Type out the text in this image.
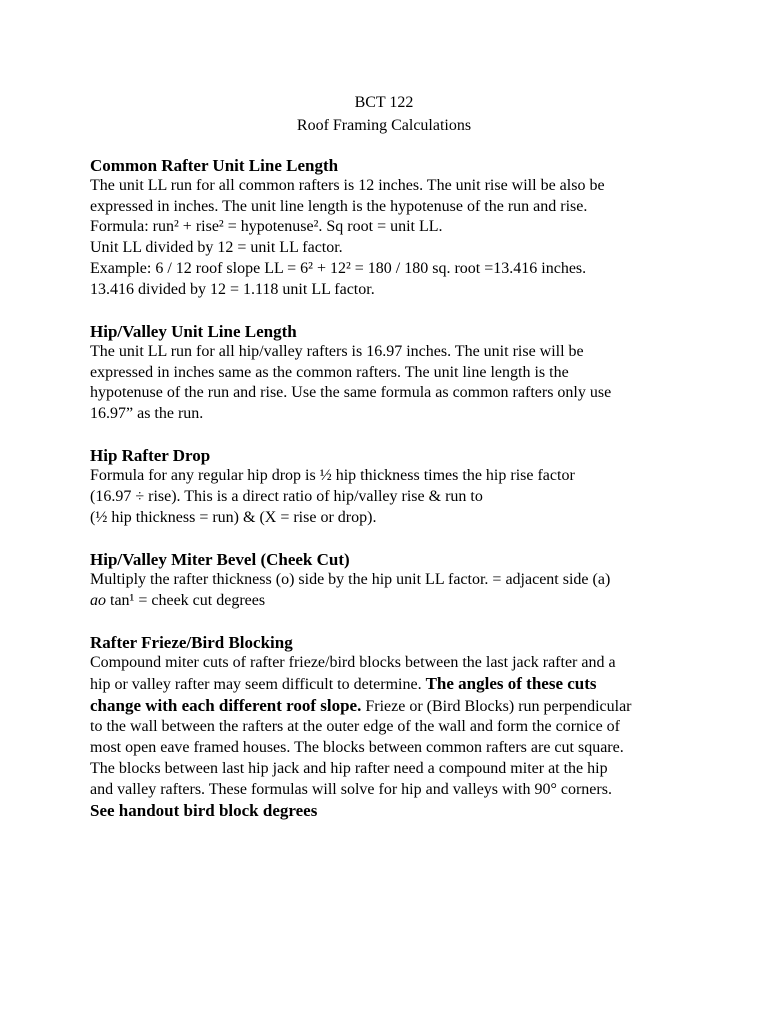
BCT 122
Roof Framing Calculations

Common Rafter Unit Line Length

The unit LL run for all common rafters is 12 inches. The unit rise will be also be

expressed in inches. The unit line length is the hypotenuse of the run and rise.

Formula: run² + rise² = hypotenuse². Sq root = unit LL.

Unit LL divided by 12 = unit LL factor.

Example: 6 / 12 roof slope LL = 6² + 12² = 180 / 180 sq. root =13.416 inches.

13.416 divided by 12 = 1.118 unit LL factor.

Hip/Valley Unit Line Length

The unit LL run for all hip/valley rafters is 16.97 inches. The unit rise will be

expressed in inches same as the common rafters. The unit line length is the

hypotenuse of the run and rise. Use the same formula as common rafters only use

16.97” as the run.

Hip Rafter Drop

Formula for any regular hip drop is ½ hip thickness times the hip rise factor

(16.97 ÷ rise). This is a direct ratio of hip/valley rise & run to

(½ hip thickness = run) & (X = rise or drop).

Hip/Valley Miter Bevel (Cheek Cut)

Multiply the rafter thickness (o) side by the hip unit LL factor. = adjacent side (a)

ao tan¹ = cheek cut degrees

Rafter Frieze/Bird Blocking

Compound miter cuts of rafter frieze/bird blocks between the last jack rafter and a

hip or valley rafter may seem difficult to determine. The angles of these cuts

change with each different roof slope. Frieze or (Bird Blocks) run perpendicular

to the wall between the rafters at the outer edge of the wall and form the cornice of

most open eave framed houses. The blocks between common rafters are cut square.

The blocks between last hip jack and hip rafter need a compound miter at the hip

and valley rafters. These formulas will solve for hip and valleys with 90° corners.

See handout bird block degrees
